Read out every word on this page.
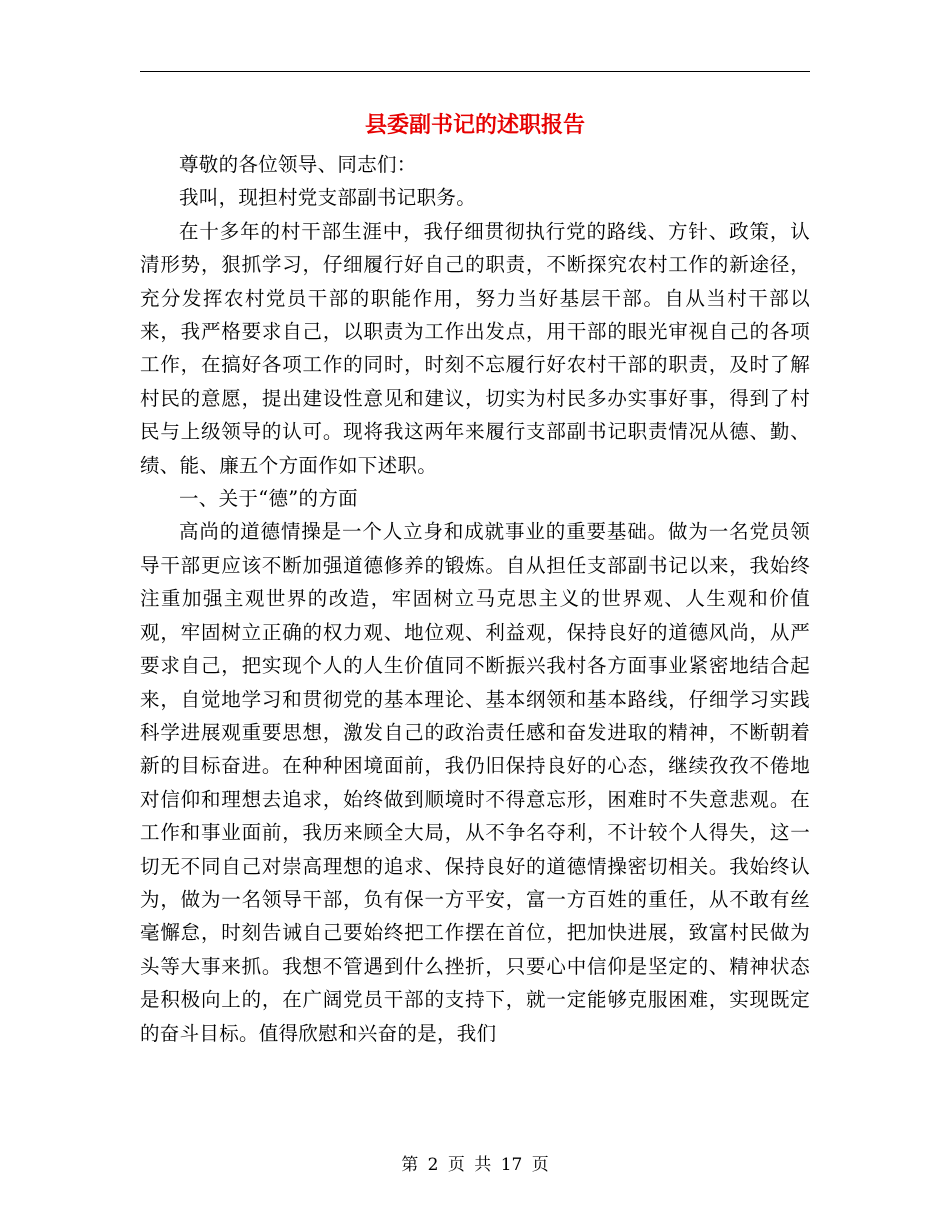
县委副书记的述职报告

尊敬的各位领导、同志们：

我叫，现担村党支部副书记职务。

在十多年的村干部生涯中，我仔细贯彻执行党的路线、方针、政策，认清形势，狠抓学习，仔细履行好自己的职责，不断探究农村工作的新途径，充分发挥农村党员干部的职能作用，努力当好基层干部。自从当村干部以来，我严格要求自己，以职责为工作出发点，用干部的眼光审视自己的各项工作，在搞好各项工作的同时，时刻不忘履行好农村干部的职责，及时了解村民的意愿，提出建设性意见和建议，切实为村民多办实事好事，得到了村民与上级领导的认可。现将我这两年来履行支部副书记职责情况从德、勤、绩、能、廉五个方面作如下述职。

一、关于“德”的方面

高尚的道德情操是一个人立身和成就事业的重要基础。做为一名党员领导干部更应该不断加强道德修养的锻炼。自从担任支部副书记以来，我始终注重加强主观世界的改造，牢固树立马克思主义的世界观、人生观和价值观，牢固树立正确的权力观、地位观、利益观，保持良好的道德风尚，从严要求自己，把实现个人的人生价值同不断振兴我村各方面事业紧密地结合起来，自觉地学习和贯彻党的基本理论、基本纲领和基本路线，仔细学习实践科学进展观重要思想，激发自己的政治责任感和奋发进取的精神，不断朝着新的目标奋进。在种种困境面前，我仍旧保持良好的心态，继续孜孜不倦地对信仰和理想去追求，始终做到顺境时不得意忘形，困难时不失意悲观。在工作和事业面前，我历来顾全大局，从不争名夺利，不计较个人得失，这一切无不同自己对崇高理想的追求、保持良好的道德情操密切相关。我始终认为，做为一名领导干部，负有保一方平安，富一方百姓的重任，从不敢有丝毫懈怠，时刻告诫自己要始终把工作摆在首位，把加快进展，致富村民做为头等大事来抓。我想不管遇到什么挫折，只要心中信仰是坚定的、精神状态是积极向上的，在广阔党员干部的支持下，就一定能够克服困难，实现既定的奋斗目标。值得欣慰和兴奋的是，我们

第 2 页 共 17 页
